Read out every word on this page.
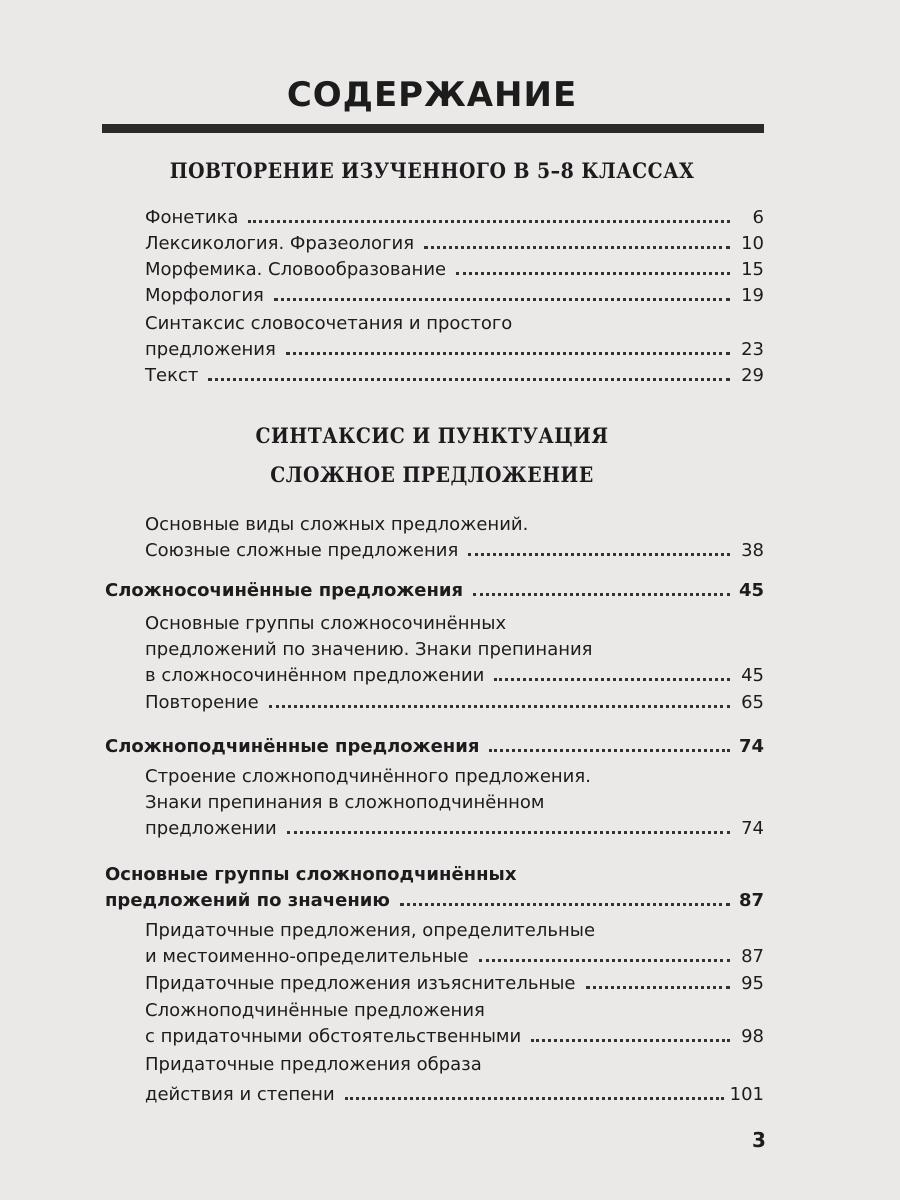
СОДЕРЖАНИЕ
ПОВТОРЕНИЕ ИЗУЧЕННОГО В 5–8 КЛАССАХ
Фонетика	6
Лексикология. Фразеология	10
Морфемика. Словообразование	15
Морфология	19
Синтаксис словосочетания и простого
предложения	23
Текст	29
СИНТАКСИС И ПУНКТУАЦИЯ
СЛОЖНОЕ ПРЕДЛОЖЕНИЕ
Основные виды сложных предложений.
Союзные сложные предложения	38
Сложносочинённые предложения	45
Основные группы сложносочинённых
предложений по значению. Знаки препинания
в сложносочинённом предложении	45
Повторение	65
Сложноподчинённые предложения	74
Строение сложноподчинённого предложения.
Знаки препинания в сложноподчинённом
предложении	74
Основные группы сложноподчинённых
предложений по значению	87
Придаточные предложения, определительные
и местоименно-определительные	87
Придаточные предложения изъяснительные	95
Сложноподчинённые предложения
с придаточными обстоятельственными	98
Придаточные предложения образа
действия и степени	101
3
